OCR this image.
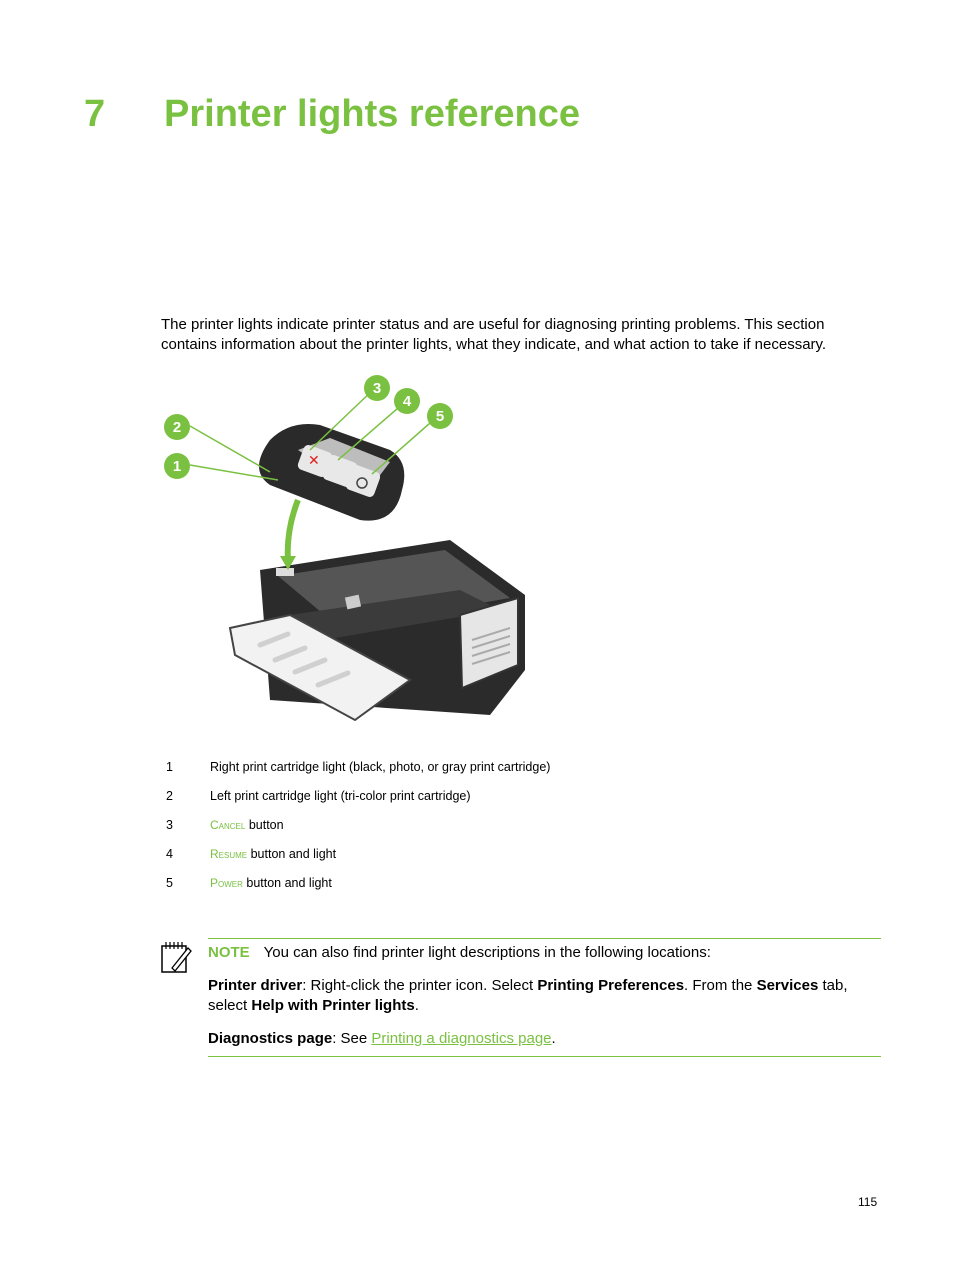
7 Printer lights reference
The printer lights indicate printer status and are useful for diagnosing printing problems. This section contains information about the printer lights, what they indicate, and what action to take if necessary.
✕
1
2
3
4
5
1	Right print cartridge light (black, photo, or gray print cartridge)
2	Left print cartridge light (tri-color print cartridge)
3	Cancel button
4	Resume button and light
5	Power button and light

NOTE You can also find printer light descriptions in the following locations:

Printer driver: Right-click the printer icon. Select Printing Preferences. From the Services tab, select Help with Printer lights.

Diagnostics page: See Printing a diagnostics page.

115
